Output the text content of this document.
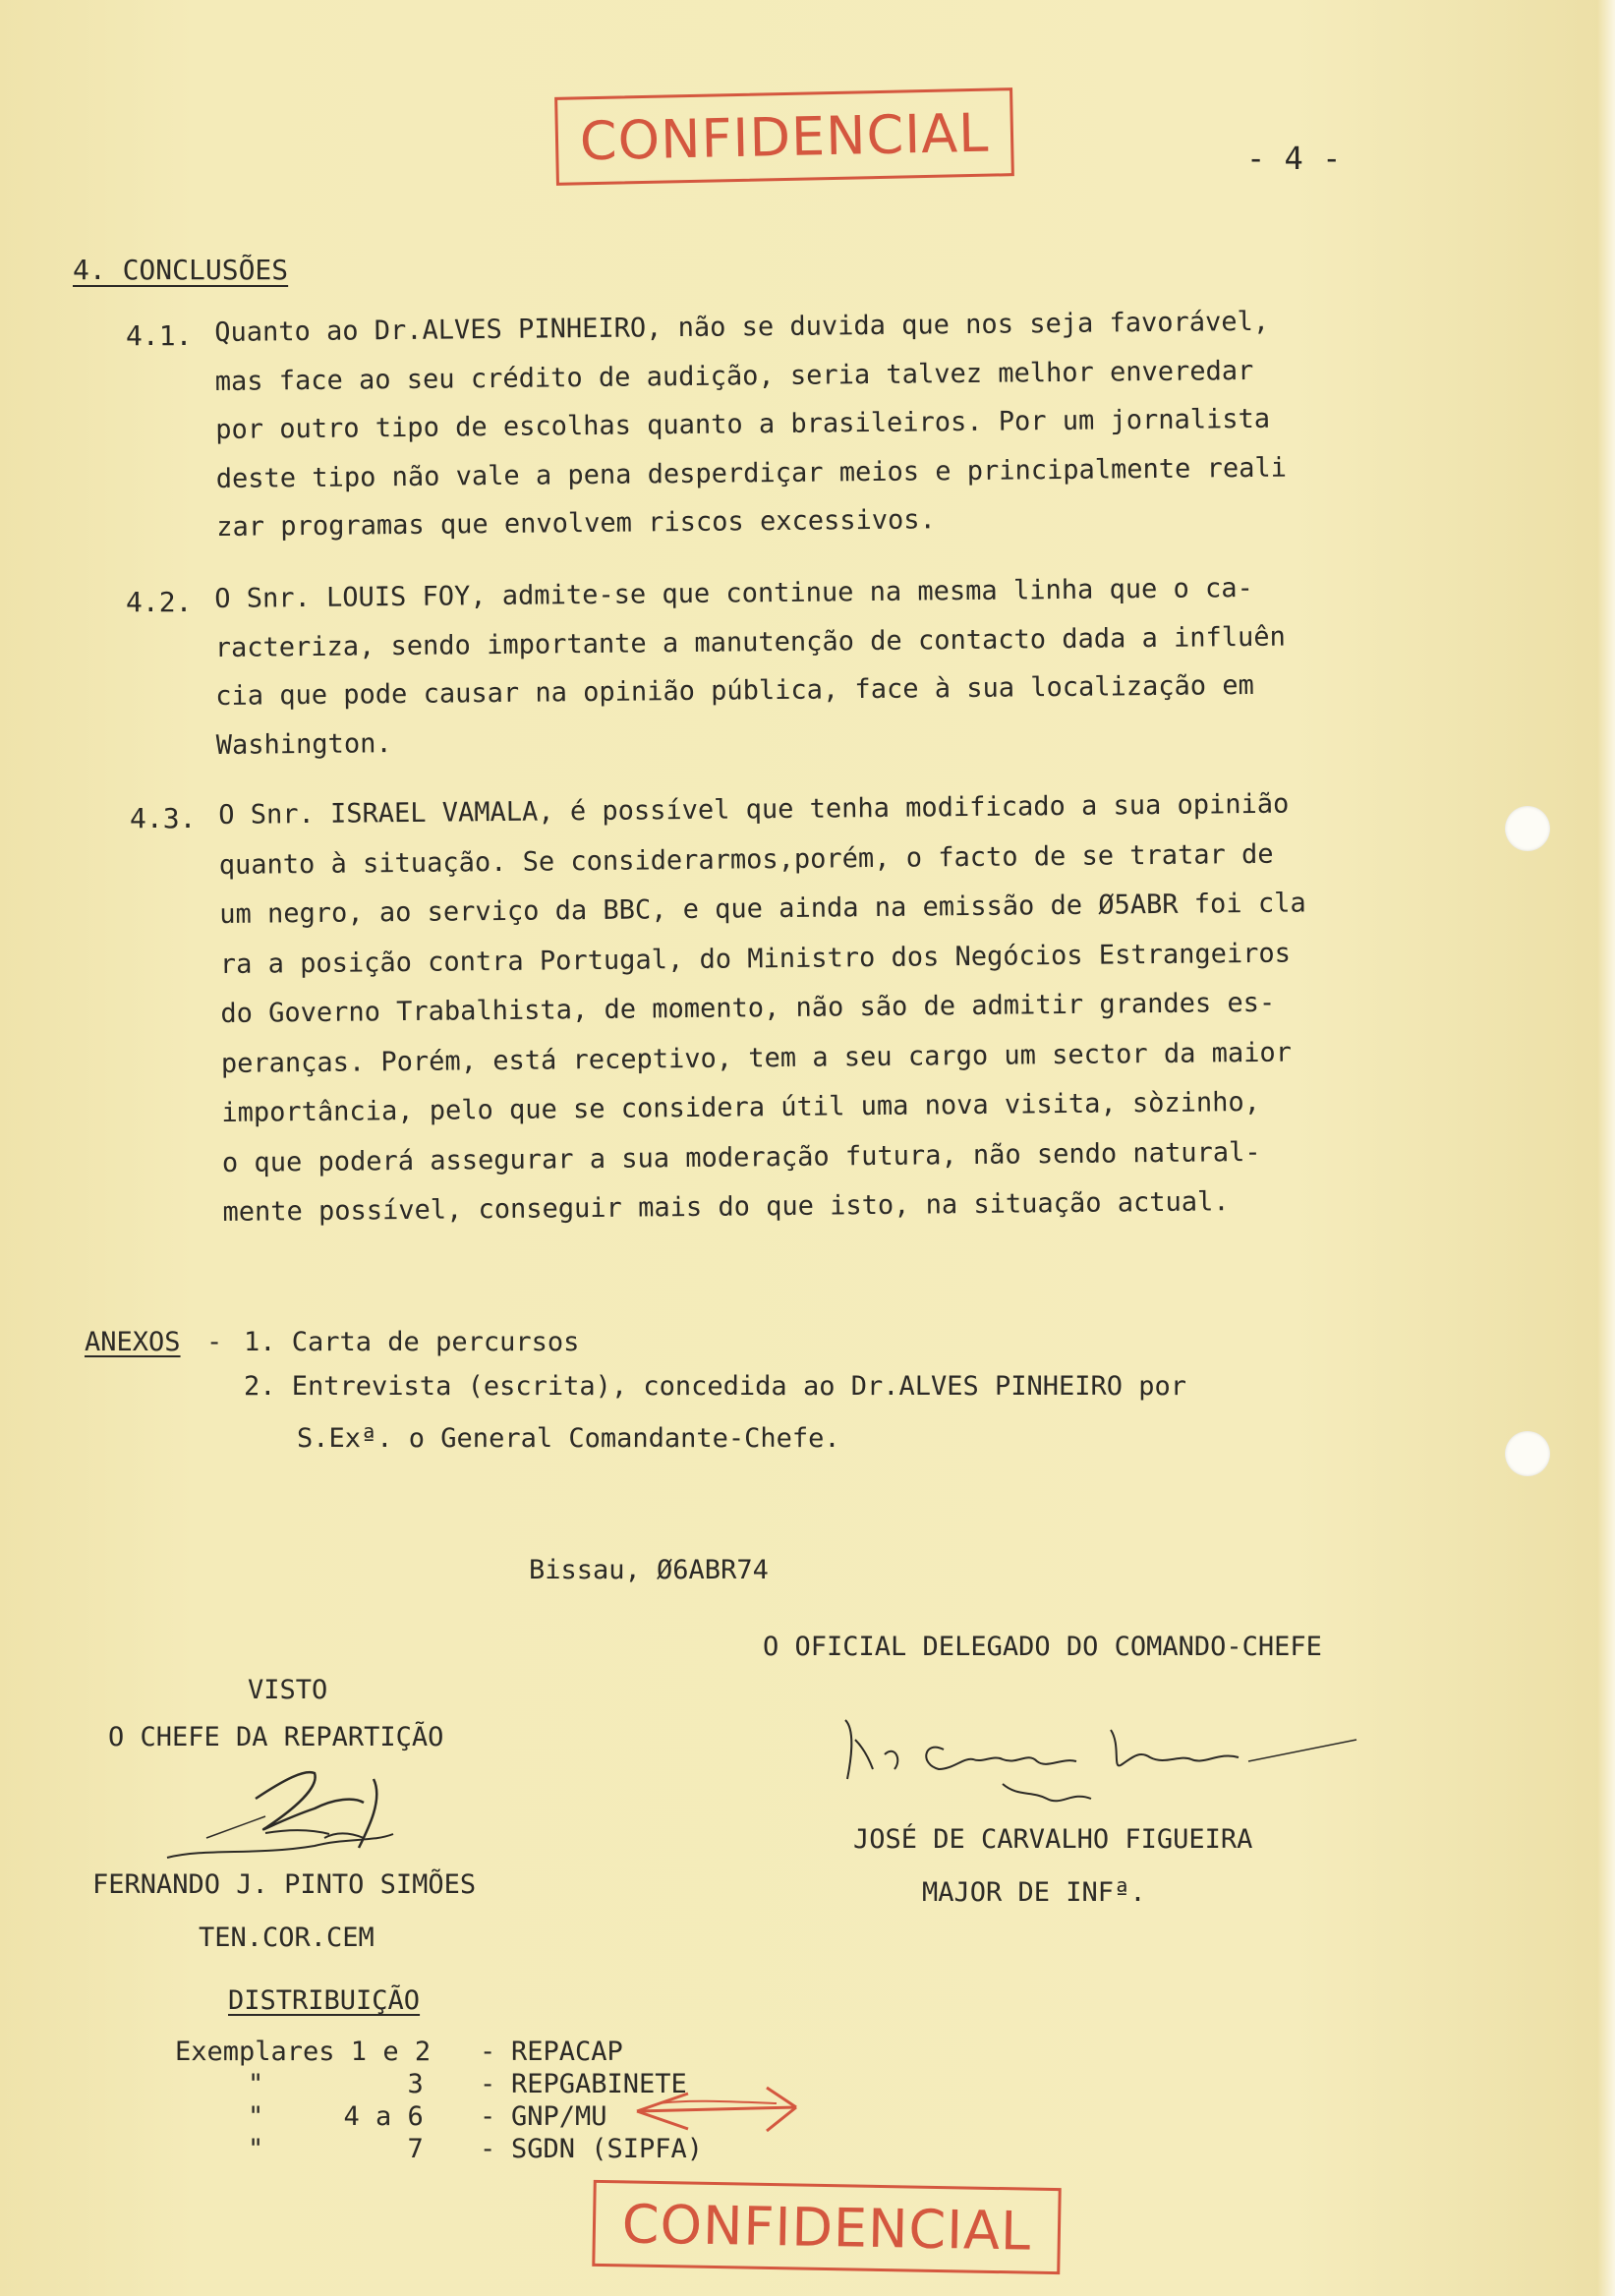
CONFIDENCIAL	- 4 -
4. CONCLUSÕES
4.1. Quanto ao Dr.ALVES PINHEIRO, não se duvida que nos seja favorável,
mas face ao seu crédito de audição, seria talvez melhor enveredar
por outro tipo de escolhas quanto a brasileiros. Por um jornalista
deste tipo não vale a pena desperdiçar meios e principalmente reali
zar programas que envolvem riscos excessivos.
4.2. O Snr. LOUIS FOY, admite-se que continue na mesma linha que o ca-
racteriza, sendo importante a manutenção de contacto dada a influên
cia que pode causar na opinião pública, face à sua localização em
Washington.
4.3. O Snr. ISRAEL VAMALA, é possível que tenha modificado a sua opinião
quanto à situação. Se considerarmos,porém, o facto de se tratar de
um negro, ao serviço da BBC, e que ainda na emissão de Ø5ABR foi cla
ra a posição contra Portugal, do Ministro dos Negócios Estrangeiros
do Governo Trabalhista, de momento, não são de admitir grandes es-
peranças. Porém, está receptivo, tem a seu cargo um sector da maior
importância, pelo que se considera útil uma nova visita, sòzinho,
o que poderá assegurar a sua moderação futura, não sendo natural-
mente possível, conseguir mais do que isto, na situação actual.
ANEXOS - 1. Carta de percursos
2. Entrevista (escrita), concedida ao Dr.ALVES PINHEIRO por
S.Exª. o General Comandante-Chefe.
Bissau, Ø6ABR74
O OFICIAL DELEGADO DO COMANDO-CHEFE
VISTO
O CHEFE DA REPARTIÇÃO
JOSÉ DE CARVALHO FIGUEIRA
FERNANDO J. PINTO SIMÕES	MAJOR DE INFª.
TEN.COR.CEM
DISTRIBUIÇÃO
Exemplares 1 e 2 - REPACAP
"         3 - REPGABINETE
"     4 a 6 - GNP/MU
"         7 - SGDN (SIPFA)
CONFIDENCIAL
